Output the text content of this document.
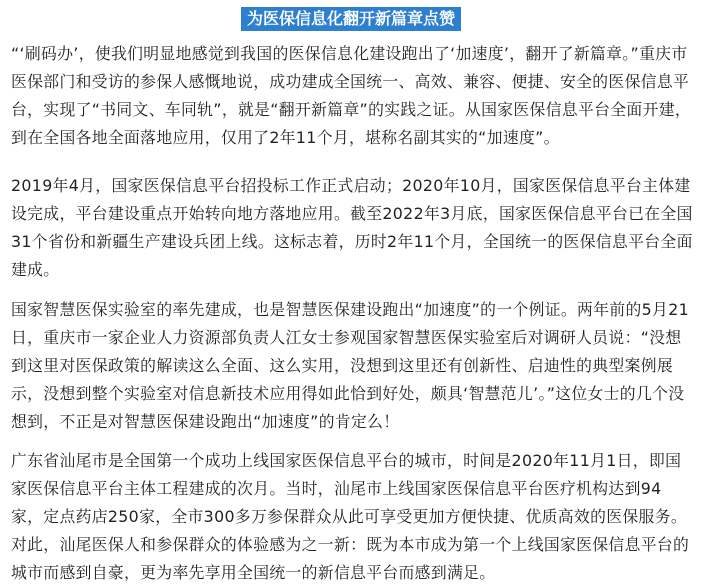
为医保信息化翻开新篇章点赞

“‘刷码办’，使我们明显地感觉到我国的医保信息化建设跑出了‘加速度’，翻开了新篇章。”重庆市医保部门和受访的参保人感慨地说，成功建成全国统一、高效、兼容、便捷、安全的医保信息平台，实现了“书同文、车同轨”，就是“翻开新篇章”的实践之证。从国家医保信息平台全面开建，到在全国各地全面落地应用，仅用了2年11个月，堪称名副其实的“加速度”。

2019年4月，国家医保信息平台招投标工作正式启动；2020年10月，国家医保信息平台主体建设完成，平台建设重点开始转向地方落地应用。截至2022年3月底，国家医保信息平台已在全国31个省份和新疆生产建设兵团上线。这标志着，历时2年11个月，全国统一的医保信息平台全面建成。

国家智慧医保实验室的率先建成，也是智慧医保建设跑出“加速度”的一个例证。两年前的5月21日，重庆市一家企业人力资源部负责人江女士参观国家智慧医保实验室后对调研人员说：“没想到这里对医保政策的解读这么全面、这么实用，没想到这里还有创新性、启迪性的典型案例展示，没想到整个实验室对信息新技术应用得如此恰到好处，颇具‘智慧范儿’。”这位女士的几个没想到，不正是对智慧医保建设跑出“加速度”的肯定么！

广东省汕尾市是全国第一个成功上线国家医保信息平台的城市，时间是2020年11月1日，即国家医保信息平台主体工程建成的次月。当时，汕尾市上线国家医保信息平台医疗机构达到94家，定点药店250家，全市300多万参保群众从此可享受更加方便快捷、优质高效的医保服务。对此，汕尾医保人和参保群众的体验感为之一新：既为本市成为第一个上线国家医保信息平台的城市而感到自豪，更为率先享用全国统一的新信息平台而感到满足。
